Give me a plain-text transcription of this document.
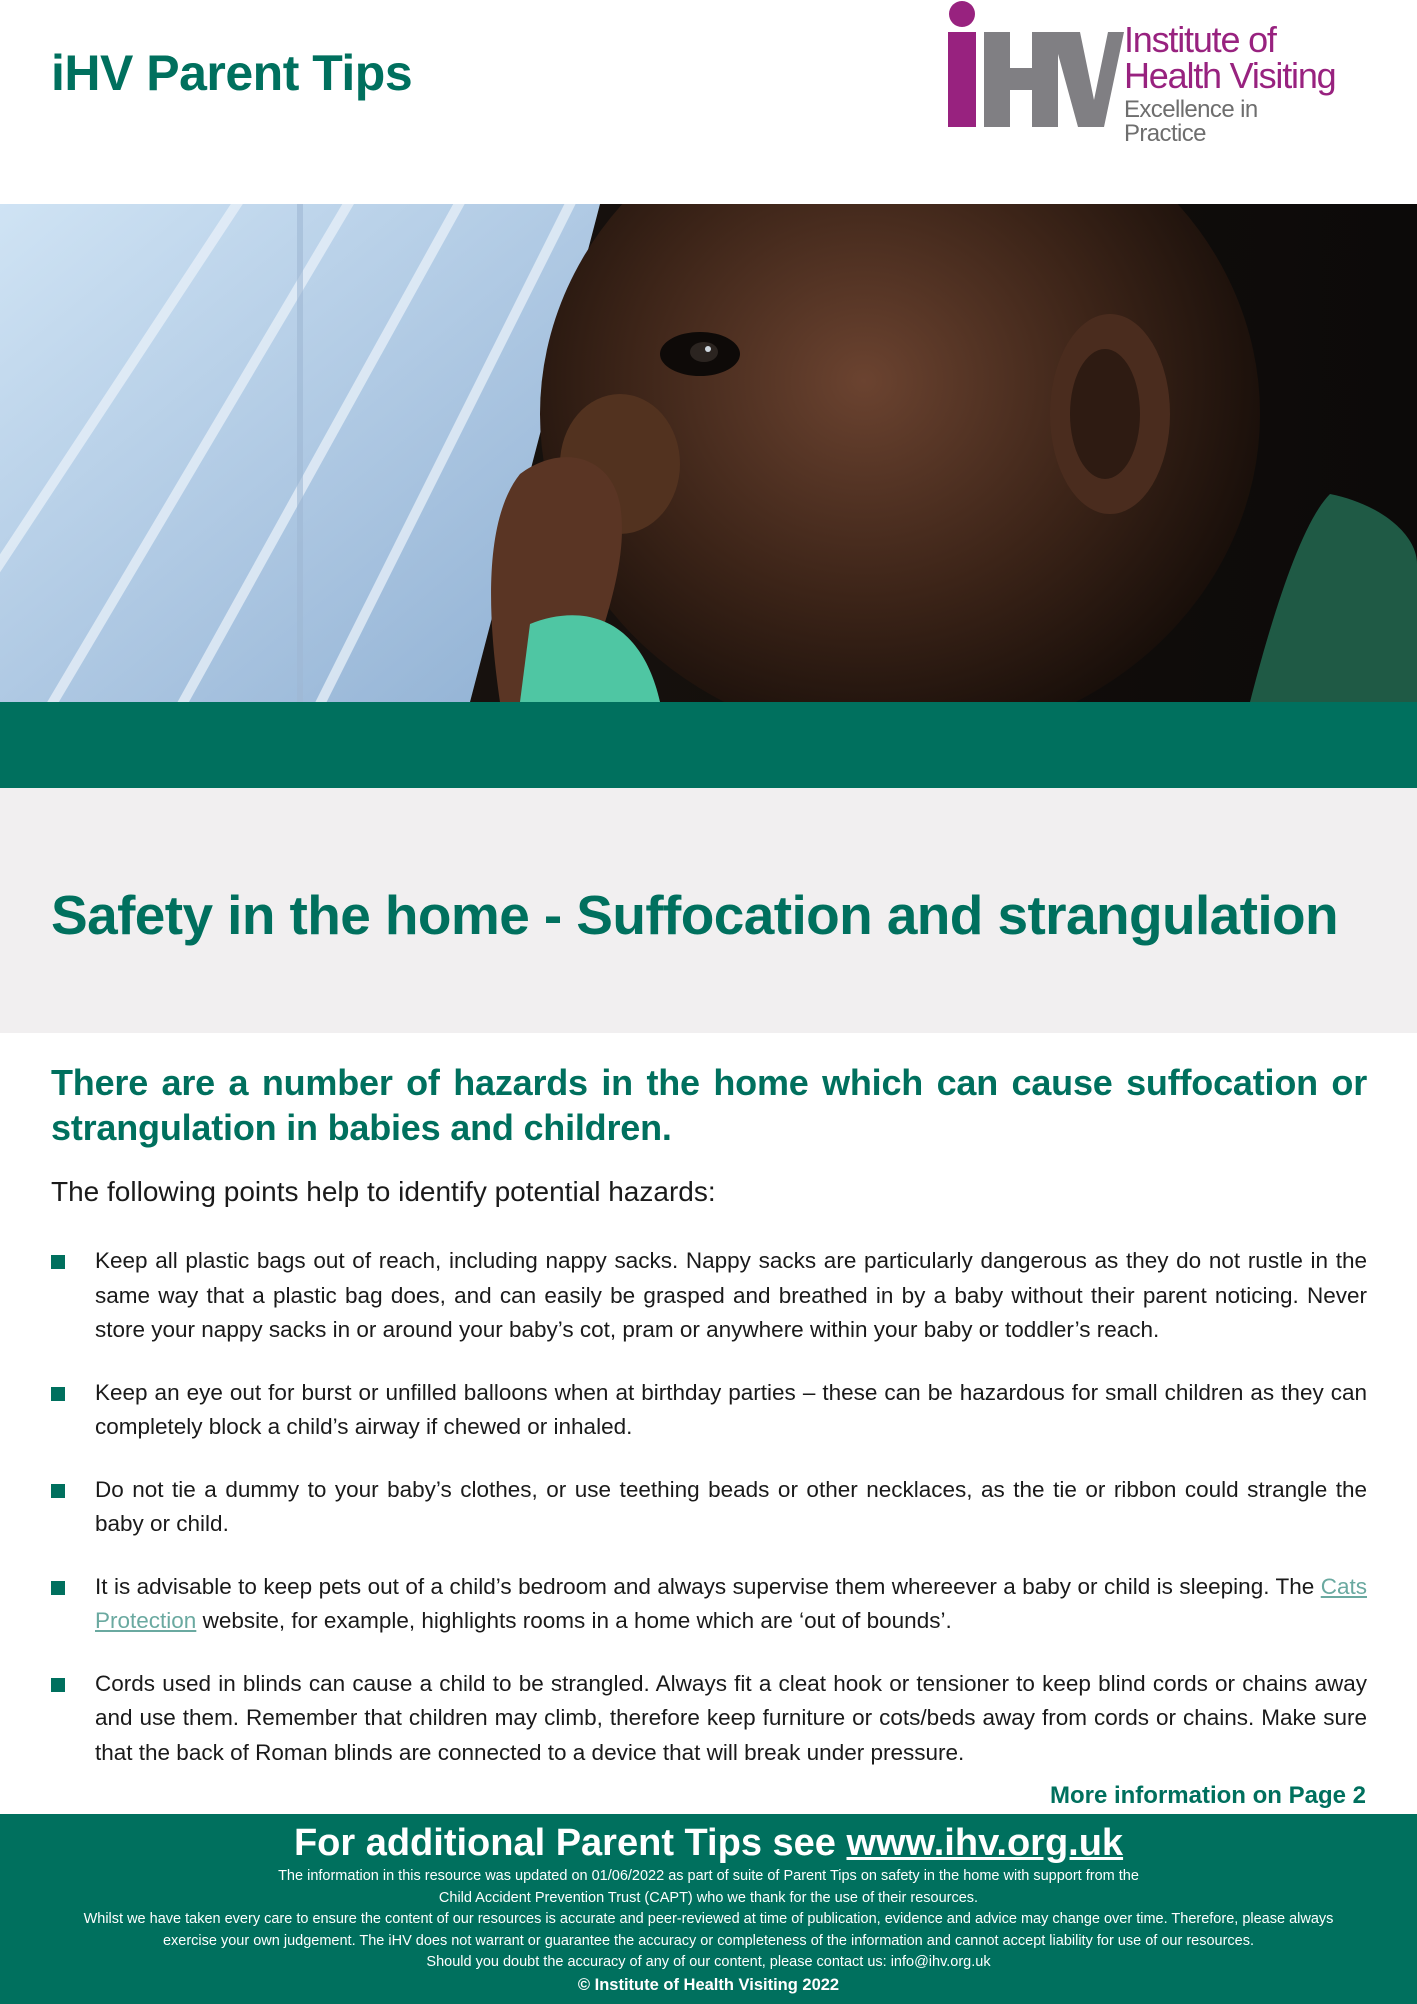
iHV Parent Tips
Institute of
Health Visiting
Excellence in Practice
Safety in the home - Suffocation and strangulation
There are a number of hazards in the home which can cause suffocation or strangulation in babies and children.

The following points help to identify potential hazards:

Keep all plastic bags out of reach, including nappy sacks. Nappy sacks are particularly dangerous as they do not rustle in the same way that a plastic bag does, and can easily be grasped and breathed in by a baby without their parent noticing. Never store your nappy sacks in or around your baby’s cot, pram or anywhere within your baby or toddler’s reach.
Keep an eye out for burst or unfilled balloons when at birthday parties – these can be hazardous for small children as they can completely block a child’s airway if chewed or inhaled.
Do not tie a dummy to your baby’s clothes, or use teething beads or other necklaces, as the tie or ribbon could strangle the baby or child.
It is advisable to keep pets out of a child’s bedroom and always supervise them whereever a baby or child is sleeping. The Cats Protection website, for example, highlights rooms in a home which are ‘out of bounds’.
Cords used in blinds can cause a child to be strangled. Always fit a cleat hook or tensioner to keep blind cords or chains away and use them. Remember that children may climb, therefore keep furniture or cots/beds away from cords or chains. Make sure that the back of Roman blinds are connected to a device that will break under pressure.
More information on Page 2
For additional Parent Tips see www.ihv.org.uk
The information in this resource was updated on 01/06/2022 as part of suite of Parent Tips on safety in the home with support from the
Child Accident Prevention Trust (CAPT) who we thank for the use of their resources.
Whilst we have taken every care to ensure the content of our resources is accurate and peer-reviewed at time of publication, evidence and advice may change over time. Therefore, please always
exercise your own judgement. The iHV does not warrant or guarantee the accuracy or completeness of the information and cannot accept liability for use of our resources.
Should you doubt the accuracy of any of our content, please contact us: info@ihv.org.uk
© Institute of Health Visiting 2022
